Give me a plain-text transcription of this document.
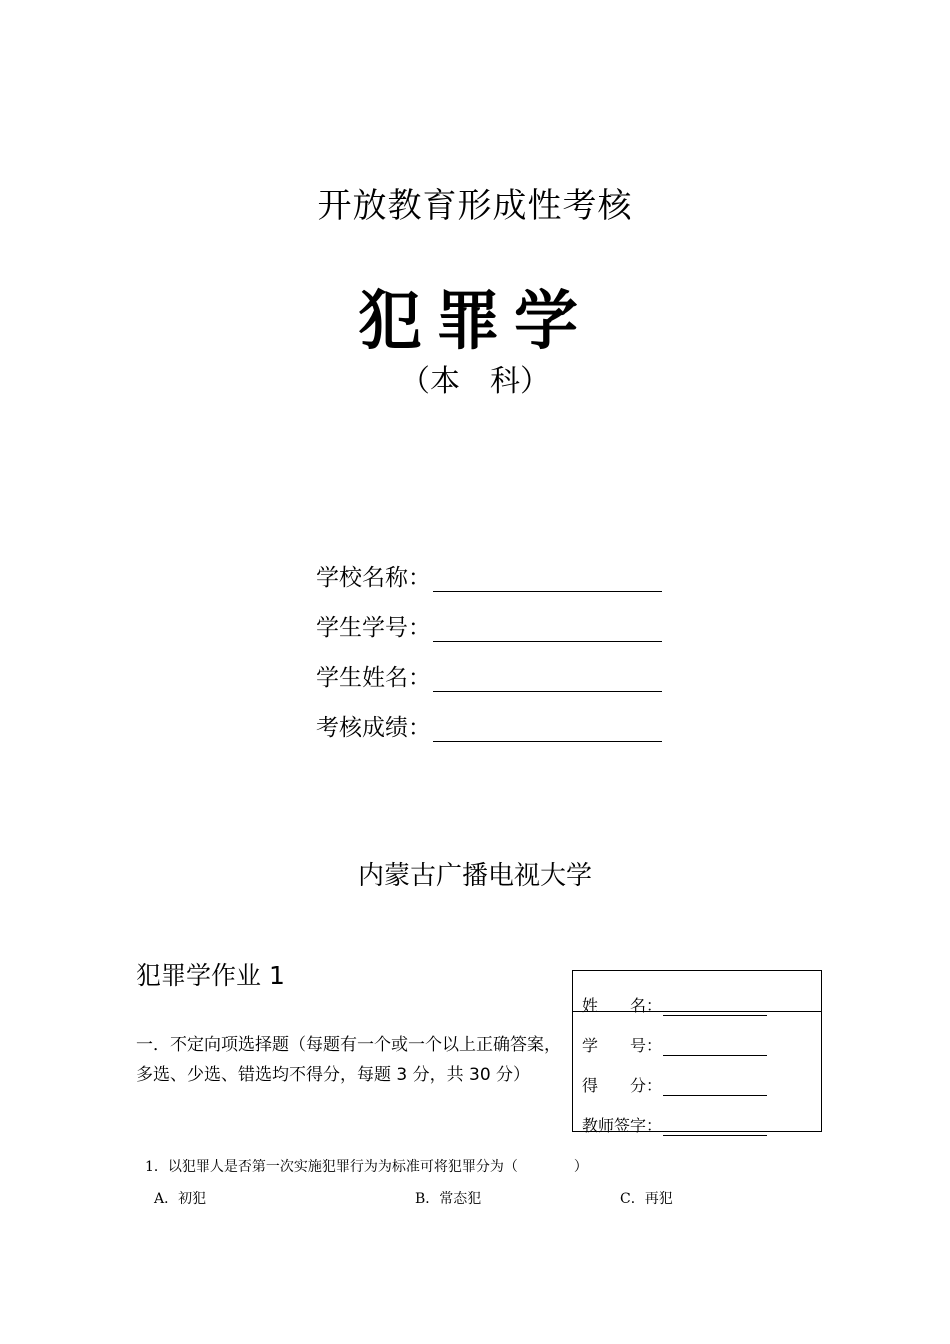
开放教育形成性考核
犯罪学
（本　科）
学校名称：
学生学号：
学生姓名：
考核成绩：
内蒙古广播电视大学
犯罪学作业 1
姓　　名：
学　　号：
得　　分：
教师签字：
一．不定向项选择题（每题有一个或一个以上正确答案，多选、少选、错选均不得分，每题 3 分，共 30 分）
1．以犯罪人是否第一次实施犯罪行为为标准可将犯罪分为（	）
A．初犯	B．常态犯	C．再犯
